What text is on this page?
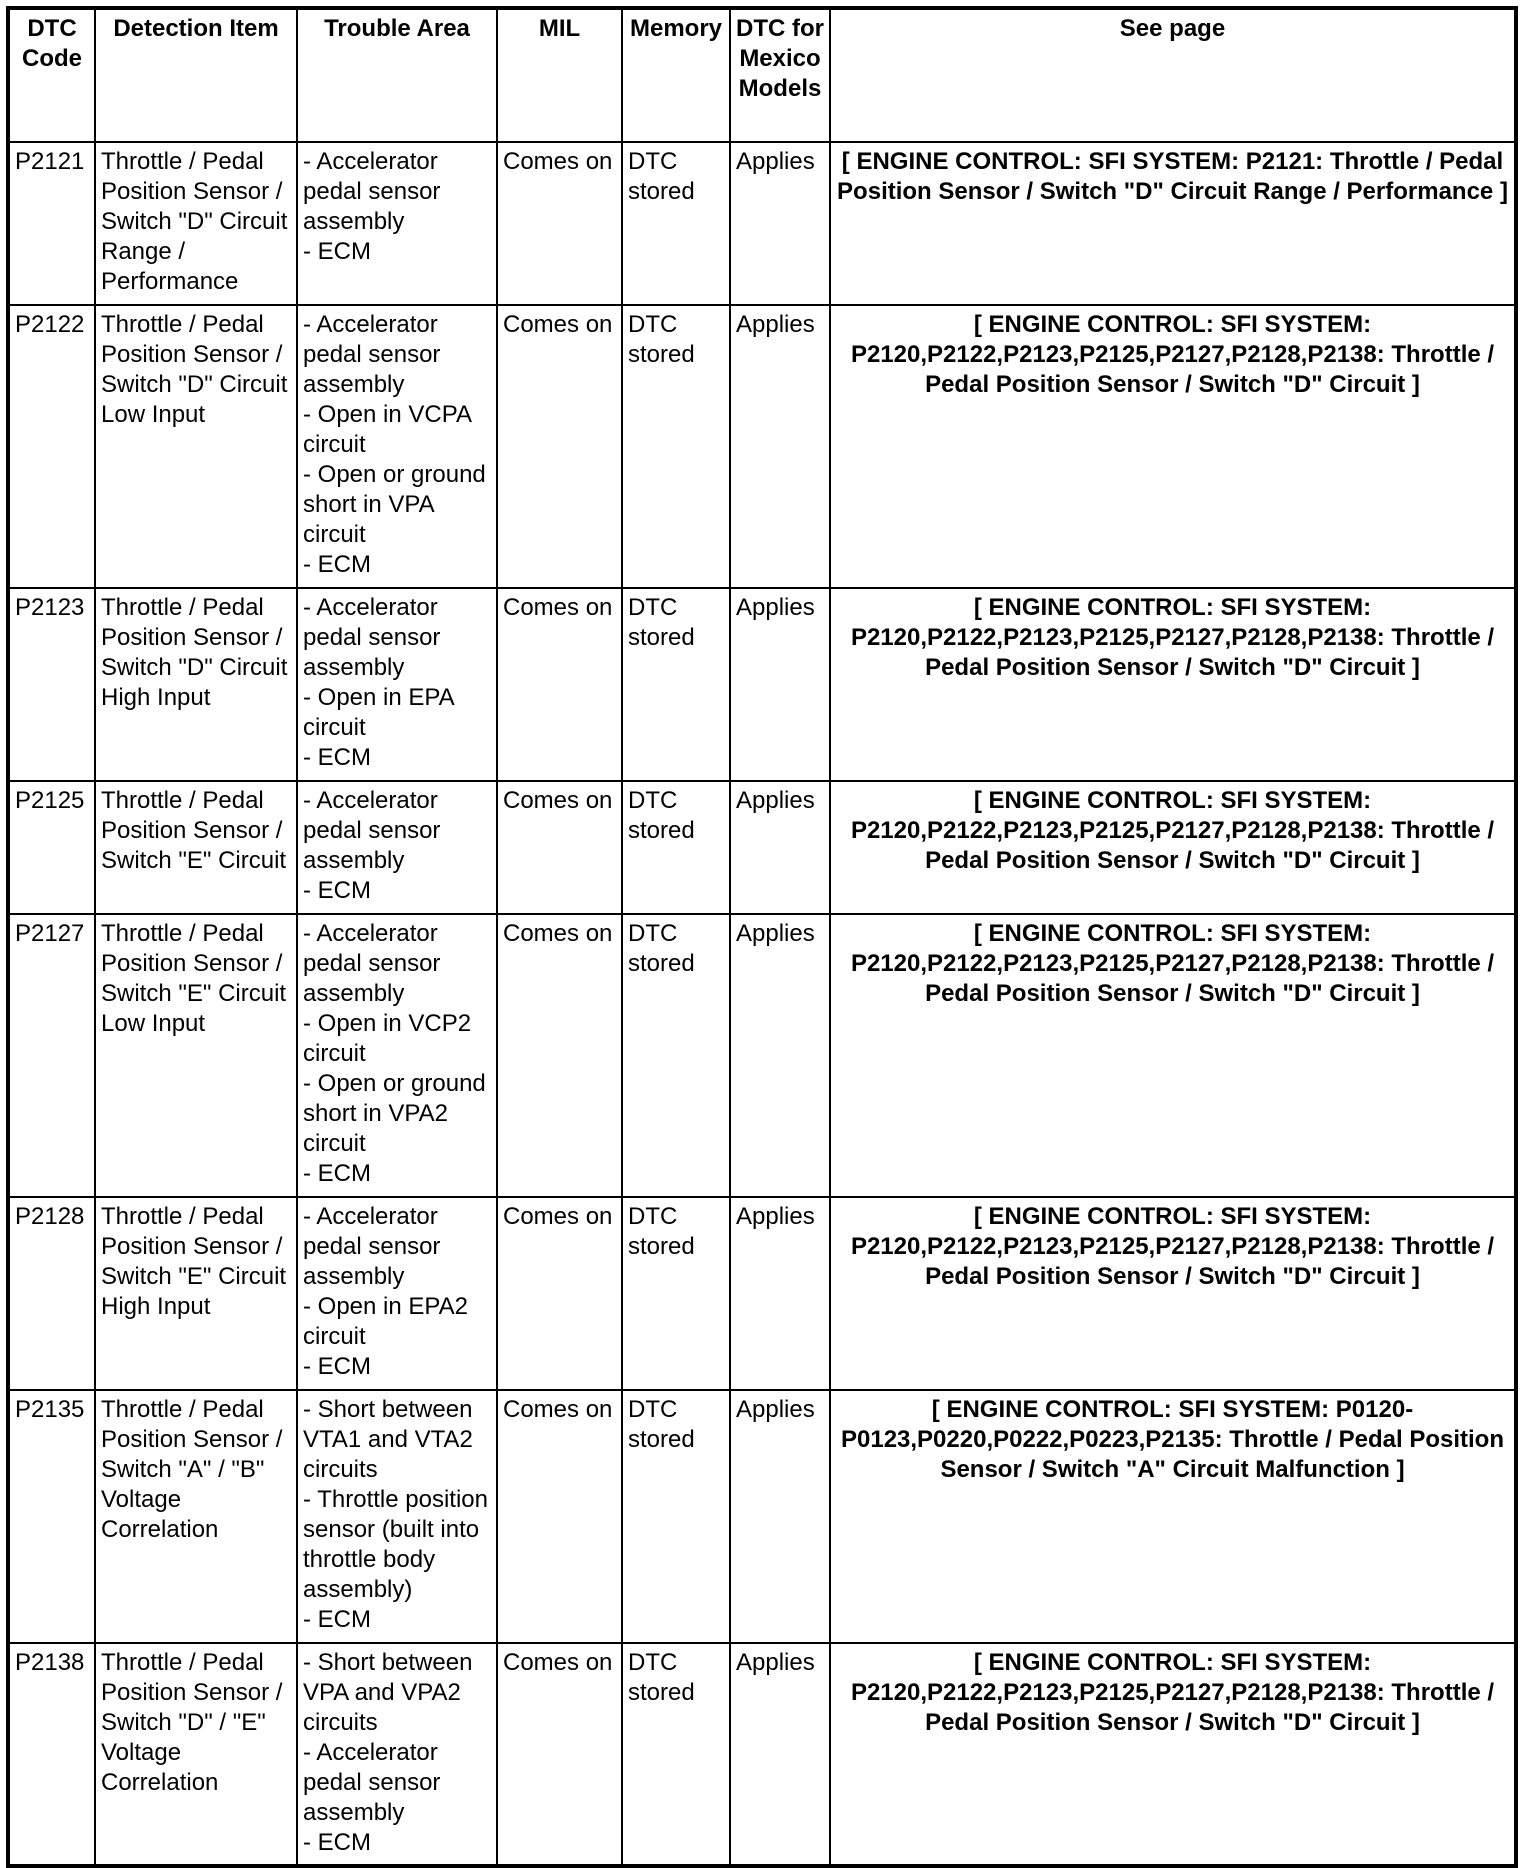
DTC Code	Detection Item	Trouble Area	MIL	Memory	DTC for Mexico Models	See page
P2121	Throttle / Pedal Position Sensor / Switch "D" Circuit Range / Performance	- Accelerator pedal sensor assembly
- ECM	Comes on	DTC stored	Applies	[ ENGINE CONTROL: SFI SYSTEM: P2121: Throttle / Pedal Position Sensor / Switch "D" Circuit Range / Performance ]
P2122	Throttle / Pedal Position Sensor / Switch "D" Circuit Low Input	- Accelerator pedal sensor assembly
- Open in VCPA circuit
- Open or ground short in VPA circuit
- ECM	Comes on	DTC stored	Applies	[ ENGINE CONTROL: SFI SYSTEM: P2120,P2122,P2123,P2125,P2127,P2128,P2138: Throttle / Pedal Position Sensor / Switch "D" Circuit ]
P2123	Throttle / Pedal Position Sensor / Switch "D" Circuit High Input	- Accelerator pedal sensor assembly
- Open in EPA circuit
- ECM	Comes on	DTC stored	Applies	[ ENGINE CONTROL: SFI SYSTEM: P2120,P2122,P2123,P2125,P2127,P2128,P2138: Throttle / Pedal Position Sensor / Switch "D" Circuit ]
P2125	Throttle / Pedal Position Sensor / Switch "E" Circuit	- Accelerator pedal sensor assembly
- ECM	Comes on	DTC stored	Applies	[ ENGINE CONTROL: SFI SYSTEM: P2120,P2122,P2123,P2125,P2127,P2128,P2138: Throttle / Pedal Position Sensor / Switch "D" Circuit ]
P2127	Throttle / Pedal Position Sensor / Switch "E" Circuit Low Input	- Accelerator pedal sensor assembly
- Open in VCP2 circuit
- Open or ground short in VPA2 circuit
- ECM	Comes on	DTC stored	Applies	[ ENGINE CONTROL: SFI SYSTEM: P2120,P2122,P2123,P2125,P2127,P2128,P2138: Throttle / Pedal Position Sensor / Switch "D" Circuit ]
P2128	Throttle / Pedal Position Sensor / Switch "E" Circuit High Input	- Accelerator pedal sensor assembly
- Open in EPA2 circuit
- ECM	Comes on	DTC stored	Applies	[ ENGINE CONTROL: SFI SYSTEM: P2120,P2122,P2123,P2125,P2127,P2128,P2138: Throttle / Pedal Position Sensor / Switch "D" Circuit ]
P2135	Throttle / Pedal Position Sensor / Switch "A" / "B" Voltage Correlation	- Short between VTA1 and VTA2 circuits
- Throttle position sensor (built into throttle body assembly)
- ECM	Comes on	DTC stored	Applies	[ ENGINE CONTROL: SFI SYSTEM: P0120-P0123,P0220,P0222,P0223,P2135: Throttle / Pedal Position Sensor / Switch "A" Circuit Malfunction ]
P2138	Throttle / Pedal Position Sensor / Switch "D" / "E" Voltage Correlation	- Short between VPA and VPA2 circuits
- Accelerator pedal sensor assembly
- ECM	Comes on	DTC stored	Applies	[ ENGINE CONTROL: SFI SYSTEM: P2120,P2122,P2123,P2125,P2127,P2128,P2138: Throttle / Pedal Position Sensor / Switch "D" Circuit ]
